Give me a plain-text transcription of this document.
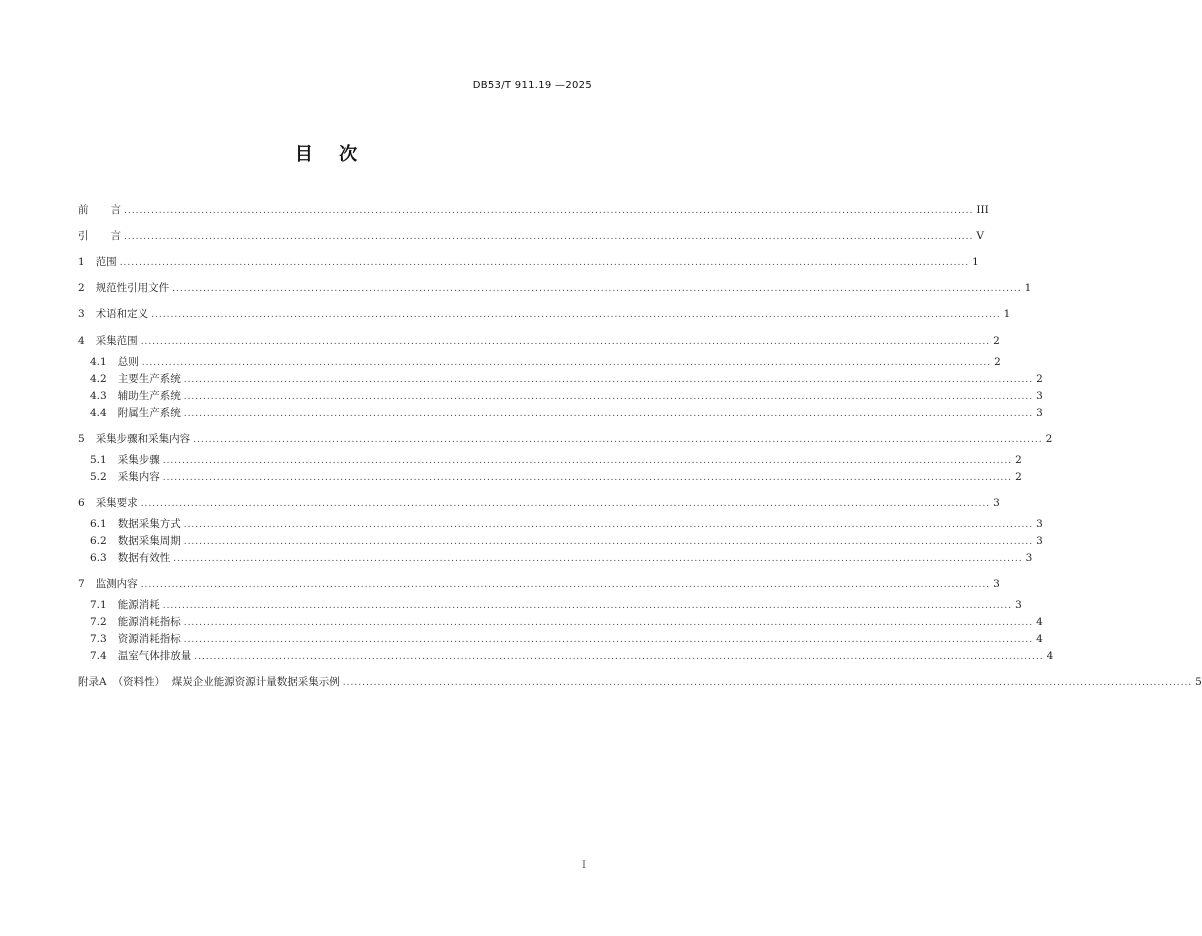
DB53/T 911.19 —2025
目 次
前 言 ............................................................................................................................................................................................................................ III
引 言 ............................................................................................................................................................................................................................ V
1 范围 ............................................................................................................................................................................................................................ 1
2 规范性引用文件 ............................................................................................................................................................................................................................ 1
3 术语和定义 ............................................................................................................................................................................................................................ 1
4 采集范围 ............................................................................................................................................................................................................................ 2
4.1 总则 ............................................................................................................................................................................................................................ 2
4.2 主要生产系统 ............................................................................................................................................................................................................................ 2
4.3 辅助生产系统 ............................................................................................................................................................................................................................ 3
4.4 附属生产系统 ............................................................................................................................................................................................................................ 3
5 采集步骤和采集内容 ............................................................................................................................................................................................................................ 2
5.1 采集步骤 ............................................................................................................................................................................................................................ 2
5.2 采集内容 ............................................................................................................................................................................................................................ 2
6 采集要求 ............................................................................................................................................................................................................................ 3
6.1 数据采集方式 ............................................................................................................................................................................................................................ 3
6.2 数据采集周期 ............................................................................................................................................................................................................................ 3
6.3 数据有效性 ............................................................................................................................................................................................................................ 3
7 监测内容 ............................................................................................................................................................................................................................ 3
7.1 能源消耗 ............................................................................................................................................................................................................................ 3
7.2 能源消耗指标 ............................................................................................................................................................................................................................ 4
7.3 资源消耗指标 ............................................................................................................................................................................................................................ 4
7.4 温室气体排放量 ............................................................................................................................................................................................................................ 4
附录A （资料性）  煤炭企业能源资源计量数据采集示例 ............................................................................................................................................................................................................................ 5
I
